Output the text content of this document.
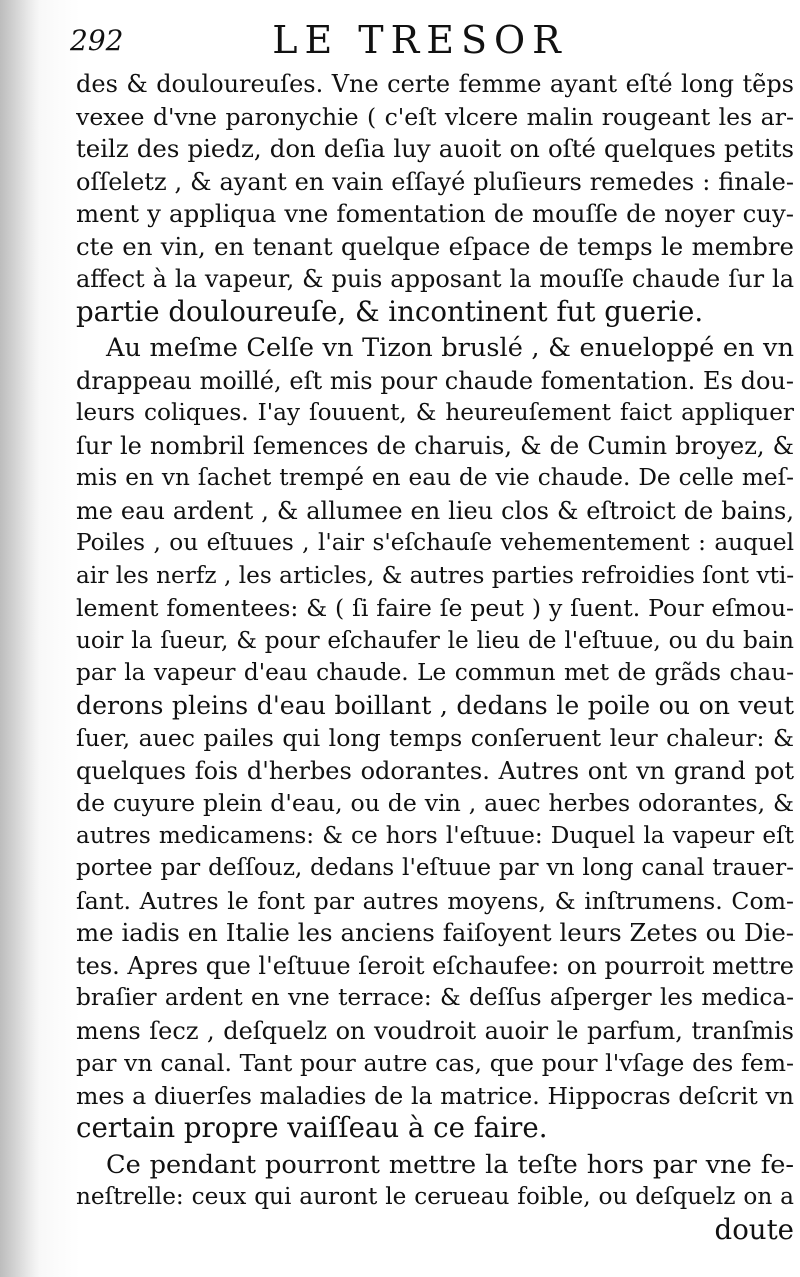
292	LE TRESOR
des & douloureuſes. Vne certe femme ayant eſté long tẽps
vexee d'vne paronychie ( c'eſt vlcere malin rougeant les ar-
teilz des piedz, don deſia luy auoit on oſté quelques petits
oſſeletz , & ayant en vain eſſayé pluſieurs remedes : finale-
ment y appliqua vne fomentation de mouſſe de noyer cuy-
cte en vin, en tenant quelque eſpace de temps le membre
affect à la vapeur, & puis apposant la mouſſe chaude ſur la
partie douloureuſe, & incontinent fut guerie.
Au meſme Celſe vn Tizon bruslé , & enueloppé en vn
drappeau moillé, eſt mis pour chaude fomentation. Es dou-
leurs coliques. I'ay ſouuent, & heureuſement faict appliquer
ſur le nombril ſemences de charuis, & de Cumin broyez, &
mis en vn ſachet trempé en eau de vie chaude. De celle meſ-
me eau ardent , & allumee en lieu clos & eſtroict de bains,
Poiles , ou eſtuues , l'air s'eſchauſe vehementement : auquel
air les nerfz , les articles, & autres parties refroidies ſont vti-
lement fomentees: & ( ſi faire ſe peut ) y ſuent. Pour eſmou-
uoir la ſueur, & pour eſchaufer le lieu de l'eſtuue, ou du bain
par la vapeur d'eau chaude. Le commun met de grãds chau-
derons pleins d'eau boillant , dedans le poile ou on veut
ſuer, auec pailes qui long temps conſeruent leur chaleur: &
quelques fois d'herbes odorantes. Autres ont vn grand pot
de cuyure plein d'eau, ou de vin , auec herbes odorantes, &
autres medicamens: & ce hors l'eſtuue: Duquel la vapeur eſt
portee par deſſouz, dedans l'eſtuue par vn long canal trauer-
ſant. Autres le font par autres moyens, & inſtrumens. Com-
me iadis en Italie les anciens faiſoyent leurs Zetes ou Die-
tes. Apres que l'eſtuue ſeroit eſchaufee: on pourroit mettre
braſier ardent en vne terrace: & deſſus aſperger les medica-
mens ſecz , deſquelz on voudroit auoir le parfum, tranſmis
par vn canal. Tant pour autre cas, que pour l'vſage des fem-
mes a diuerſes maladies de la matrice. Hippocras deſcrit vn
certain propre vaiſſeau à ce faire.
Ce pendant pourront mettre la teſte hors par vne fe-
neſtrelle: ceux qui auront le cerueau foible, ou deſquelz on a
doute
